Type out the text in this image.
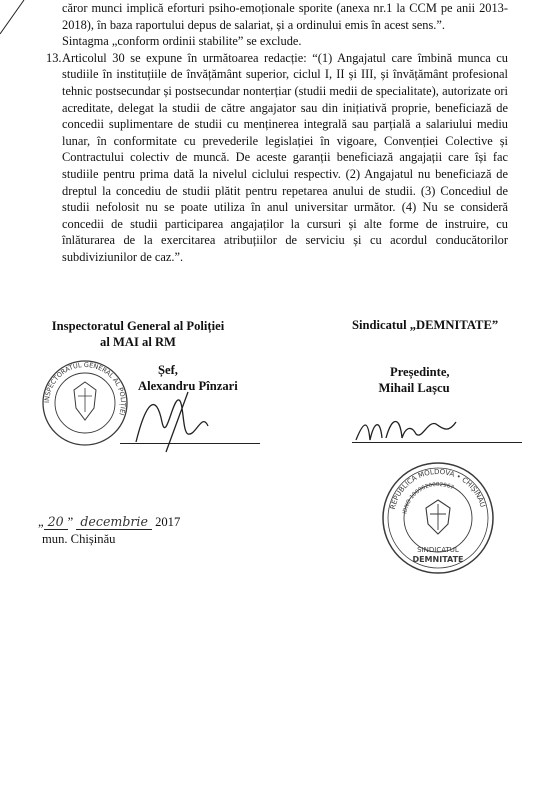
căror munci implică eforturi psiho-emoționale sporite (anexa nr.1 la CCM pe anii 2013-2018), în baza raportului depus de salariat, și a ordinului emis în acest sens.”.

Sintagma „conform ordinii stabilite” se exclude.

13. Articolul 30 se expune în următoarea redacție: “(1) Angajatul care îmbină munca cu studiile în instituțiile de învățământ superior, ciclul I, II și III, și învățământ profesional tehnic postsecundar și postsecundar nonterțiar (studii medii de specialitate), autorizate ori acreditate, delegat la studii de către angajator sau din inițiativă proprie, beneficiază de concedii suplimentare de studii cu menținerea integrală sau parțială a salariului mediu lunar, în conformitate cu prevederile legislației în vigoare, Convenției Colective și Contractului colectiv de muncă. De aceste garanții beneficiază angajații care își fac studiile pentru prima dată la nivelul ciclului respectiv. (2) Angajatul nu beneficiază de dreptul la concediu de studii plătit pentru repetarea anului de studii. (3) Concediul de studii nefolosit nu se poate utiliza în anul universitar următor. (4) Nu se consideră concedii de studii participarea angajaților la cursuri și alte forme de instruire, cu înlăturarea de la exercitarea atribuțiilor de serviciu și cu acordul conducătorilor subdiviziunilor de caz.”.

Inspectoratul General al Poliției
al MAI al RM
INSPECTORATUL GENERAL AL POLIȚIEI
Șef,
Alexandru Pînzari
„ 20 ” decembrie 2017
mun. Chișinău
Sindicatul „DEMNITATE”
Președinte,
Mihail Lașcu
REPUBLICA MOLDOVA • CHIȘINĂU
IDNO 1009620002967
SINDICATUL
DEMNITATE
